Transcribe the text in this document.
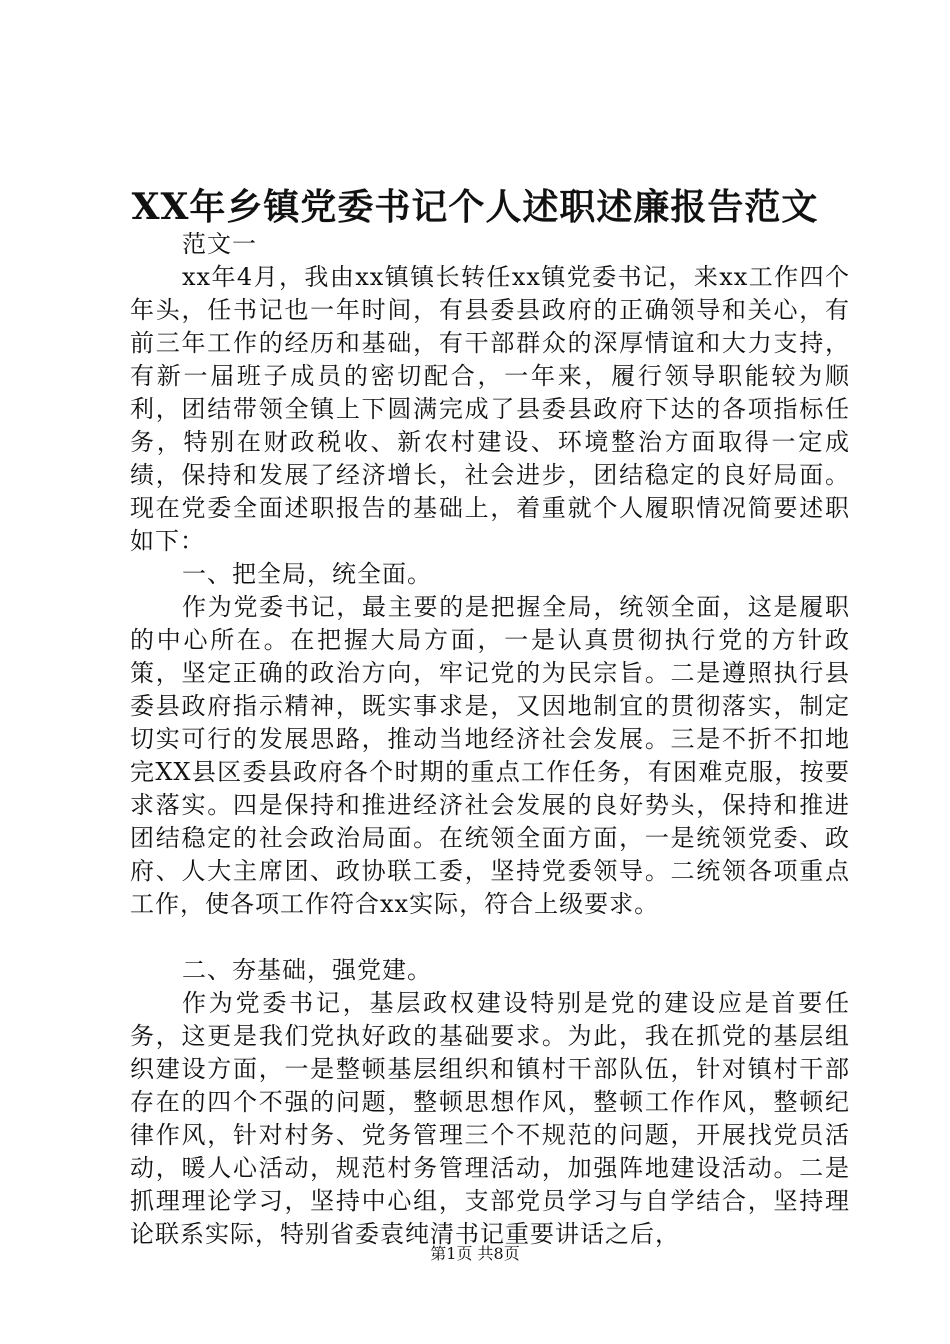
XX年乡镇党委书记个人述职述廉报告范文

范文一

xx年4月，我由xx镇镇长转任xx镇党委书记，来xx工作四个年头，任书记也一年时间，有县委县政府的正确领导和关心，有前三年工作的经历和基础，有干部群众的深厚情谊和大力支持，有新一届班子成员的密切配合，一年来，履行领导职能较为顺利，团结带领全镇上下圆满完成了县委县政府下达的各项指标任务，特别在财政税收、新农村建设、环境整治方面取得一定成绩，保持和发展了经济增长，社会进步，团结稳定的良好局面。现在党委全面述职报告的基础上，着重就个人履职情况简要述职如下：

一、把全局，统全面。

作为党委书记，最主要的是把握全局，统领全面，这是履职的中心所在。在把握大局方面，一是认真贯彻执行党的方针政策，坚定正确的政治方向，牢记党的为民宗旨。二是遵照执行县委县政府指示精神，既实事求是，又因地制宜的贯彻落实，制定切实可行的发展思路，推动当地经济社会发展。三是不折不扣地完XX县区委县政府各个时期的重点工作任务，有困难克服，按要求落实。四是保持和推进经济社会发展的良好势头，保持和推进团结稳定的社会政治局面。在统领全面方面，一是统领党委、政府、人大主席团、政协联工委，坚持党委领导。二统领各项重点工作，使各项工作符合xx实际，符合上级要求。

二、夯基础，强党建。

作为党委书记，基层政权建设特别是党的建设应是首要任务，这更是我们党执好政的基础要求。为此，我在抓党的基层组织建设方面，一是整顿基层组织和镇村干部队伍，针对镇村干部存在的四个不强的问题，整顿思想作风，整顿工作作风，整顿纪律作风，针对村务、党务管理三个不规范的问题，开展找党员活动，暖人心活动，规范村务管理活动，加强阵地建设活动。二是抓理理论学习，坚持中心组，支部党员学习与自学结合，坚持理论联系实际，特别省委袁纯清书记重要讲话之后，

第1页 共8页
